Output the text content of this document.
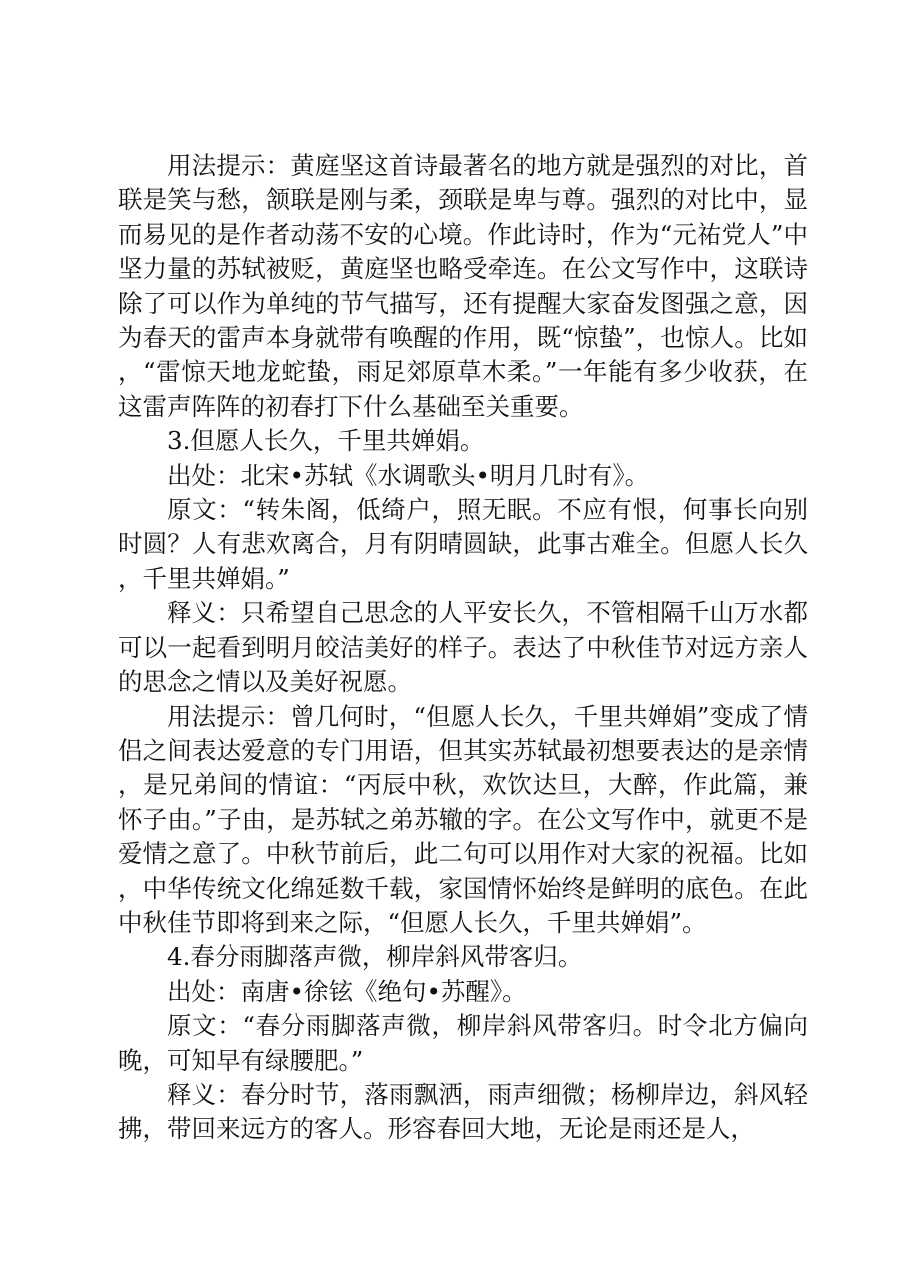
用法提示：黄庭坚这首诗最著名的地方就是强烈的对比，首联是笑与愁，颔联是刚与柔，颈联是卑与尊。强烈的对比中，显而易见的是作者动荡不安的心境。作此诗时，作为“元祐党人”中坚力量的苏轼被贬，黄庭坚也略受牵连。在公文写作中，这联诗除了可以作为单纯的节气描写，还有提醒大家奋发图强之意，因为春天的雷声本身就带有唤醒的作用，既“惊蛰”，也惊人。比如，“雷惊天地龙蛇蛰，雨足郊原草木柔。”一年能有多少收获，在这雷声阵阵的初春打下什么基础至关重要。

3.但愿人长久，千里共婵娟。

出处：北宋•苏轼《水调歌头•明月几时有》。

原文：“转朱阁，低绮户，照无眠。不应有恨，何事长向别时圆？人有悲欢离合，月有阴晴圆缺，此事古难全。但愿人长久，千里共婵娟。”

释义：只希望自己思念的人平安长久，不管相隔千山万水都可以一起看到明月皎洁美好的样子。表达了中秋佳节对远方亲人的思念之情以及美好祝愿。

用法提示：曾几何时，“但愿人长久，千里共婵娟”变成了情侣之间表达爱意的专门用语，但其实苏轼最初想要表达的是亲情，是兄弟间的情谊：“丙辰中秋，欢饮达旦，大醉，作此篇，兼怀子由。”子由，是苏轼之弟苏辙的字。在公文写作中，就更不是爱情之意了。中秋节前后，此二句可以用作对大家的祝福。比如，中华传统文化绵延数千载，家国情怀始终是鲜明的底色。在此中秋佳节即将到来之际，“但愿人长久，千里共婵娟”。

4.春分雨脚落声微，柳岸斜风带客归。

出处：南唐•徐铉《绝句•苏醒》。

原文：“春分雨脚落声微，柳岸斜风带客归。时令北方偏向晚，可知早有绿腰肥。”

释义：春分时节，落雨飘洒，雨声细微；杨柳岸边，斜风轻拂，带回来远方的客人。形容春回大地，无论是雨还是人，
